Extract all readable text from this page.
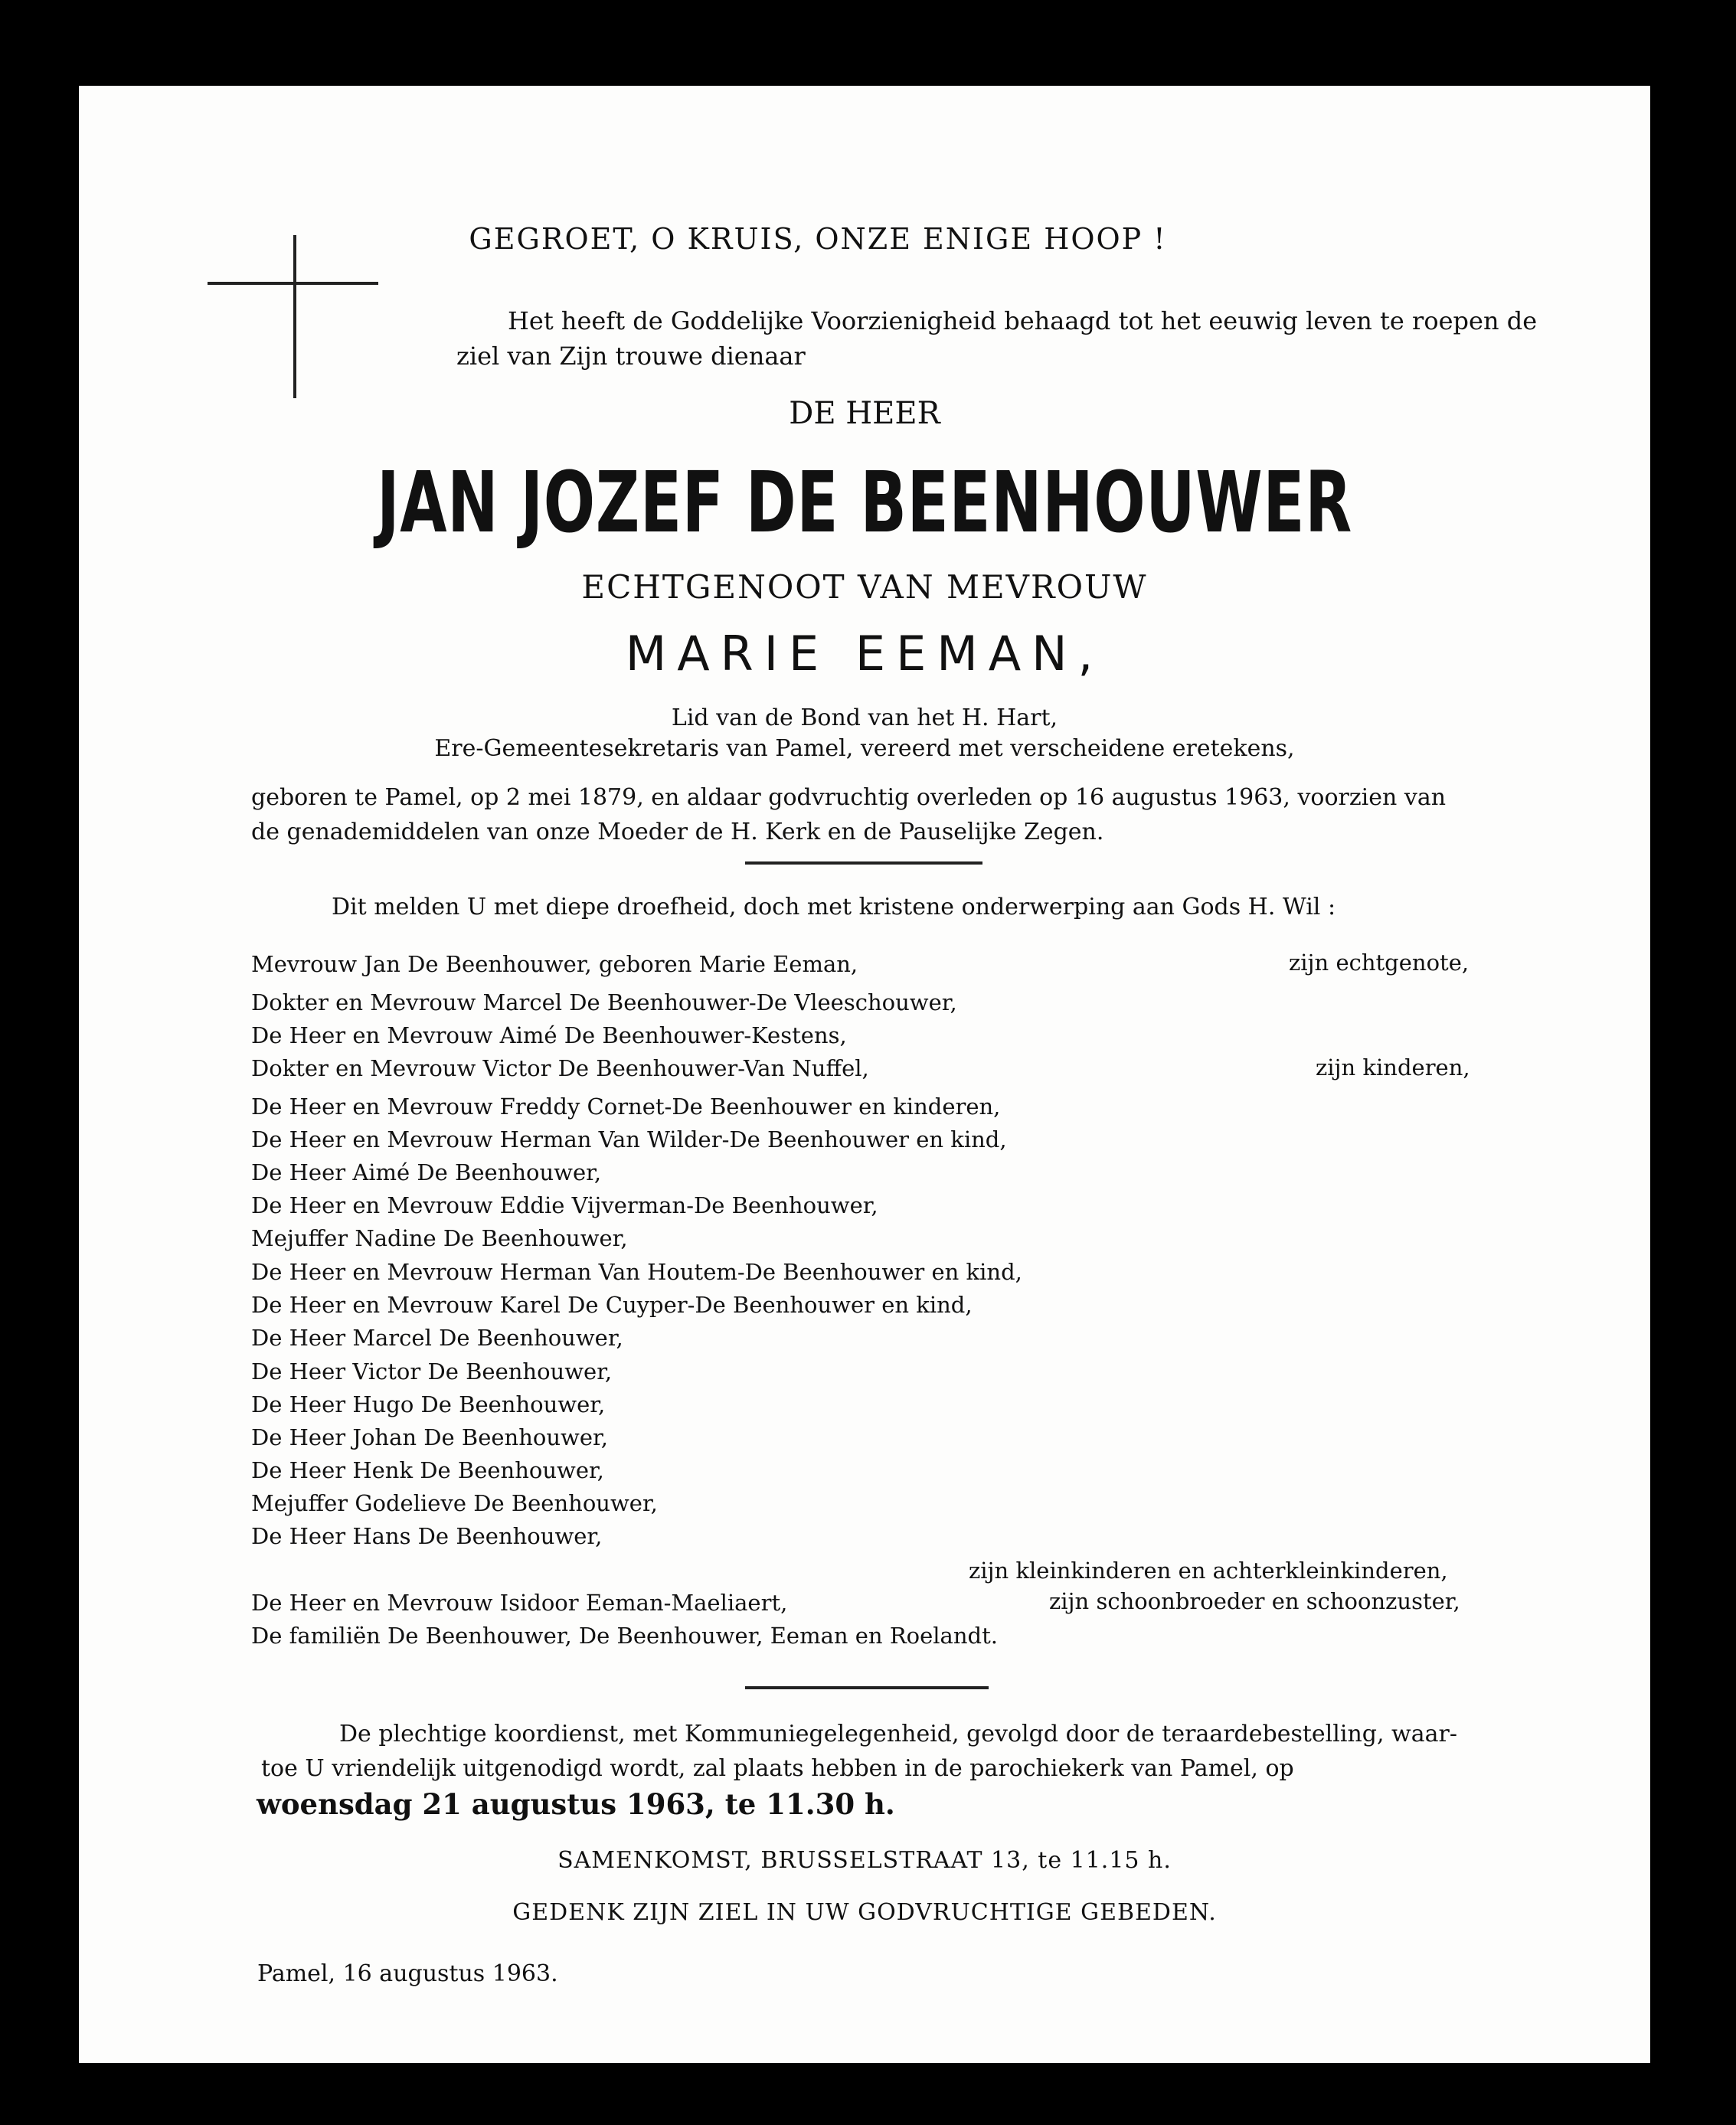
GEGROET, O KRUIS, ONZE ENIGE HOOP !
Het heeft de Goddelijke Voorzienigheid behaagd tot het eeuwig leven te roepen de
ziel van Zijn trouwe dienaar
DE HEER
JAN JOZEF DE BEENHOUWER
ECHTGENOOT VAN MEVROUW
MARIE EEMAN,
Lid van de Bond van het H. Hart,
Ere-Gemeentesekretaris van Pamel, vereerd met verscheidene eretekens,
geboren te Pamel, op 2 mei 1879, en aldaar godvruchtig overleden op 16 augustus 1963, voorzien van
de genademiddelen van onze Moeder de H. Kerk en de Pauselijke Zegen.
Dit melden U met diepe droefheid, doch met kristene onderwerping aan Gods H. Wil :
Mevrouw Jan De Beenhouwer, geboren Marie Eeman,
Dokter en Mevrouw Marcel De Beenhouwer-De Vleeschouwer,
De Heer en Mevrouw Aimé De Beenhouwer-Kestens,
Dokter en Mevrouw Victor De Beenhouwer-Van Nuffel,
De Heer en Mevrouw Freddy Cornet-De Beenhouwer en kinderen,
De Heer en Mevrouw Herman Van Wilder-De Beenhouwer en kind,
De Heer Aimé De Beenhouwer,
De Heer en Mevrouw Eddie Vijverman-De Beenhouwer,
Mejuffer Nadine De Beenhouwer,
De Heer en Mevrouw Herman Van Houtem-De Beenhouwer en kind,
De Heer en Mevrouw Karel De Cuyper-De Beenhouwer en kind,
De Heer Marcel De Beenhouwer,
De Heer Victor De Beenhouwer,
De Heer Hugo De Beenhouwer,
De Heer Johan De Beenhouwer,
De Heer Henk De Beenhouwer,
Mejuffer Godelieve De Beenhouwer,
De Heer Hans De Beenhouwer,
De Heer en Mevrouw Isidoor Eeman-Maeliaert,
De familiën De Beenhouwer, De Beenhouwer, Eeman en Roelandt.
zijn echtgenote,
zijn kinderen,
zijn kleinkinderen en achterkleinkinderen,
zijn schoonbroeder en schoonzuster,
De plechtige koordienst, met Kommuniegelegenheid, gevolgd door de teraardebestelling, waar-
toe U vriendelijk uitgenodigd wordt, zal plaats hebben in de parochiekerk van Pamel, op
woensdag 21 augustus 1963, te 11.30 h.
SAMENKOMST, BRUSSELSTRAAT 13, te 11.15 h.
GEDENK ZIJN ZIEL IN UW GODVRUCHTIGE GEBEDEN.
Pamel, 16 augustus 1963.
